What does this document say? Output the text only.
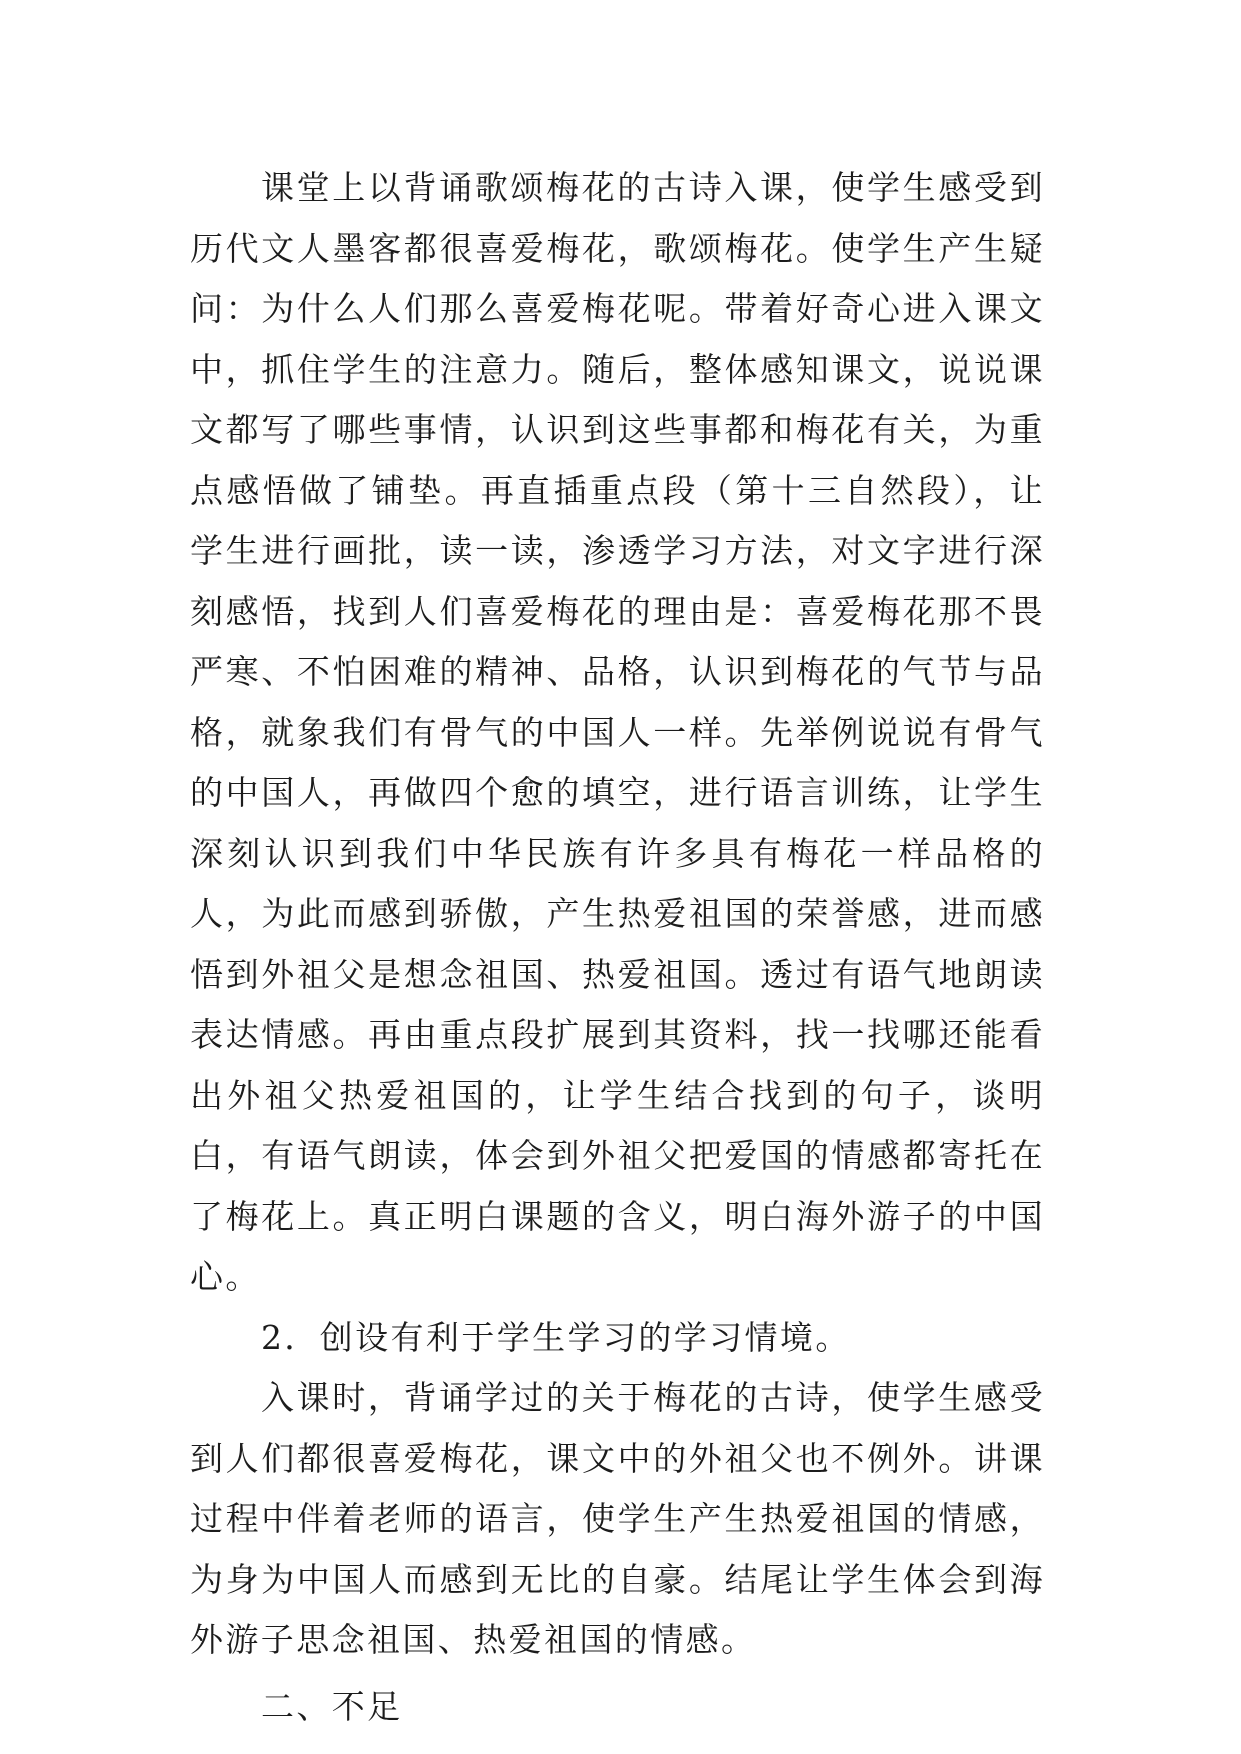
课堂上以背诵歌颂梅花的古诗入课，使学生感受到历代文人墨客都很喜爱梅花，歌颂梅花。使学生产生疑问：为什么人们那么喜爱梅花呢。带着好奇心进入课文中，抓住学生的注意力。随后，整体感知课文，说说课文都写了哪些事情，认识到这些事都和梅花有关，为重点感悟做了铺垫。再直插重点段（第十三自然段），让学生进行画批，读一读，渗透学习方法，对文字进行深刻感悟，找到人们喜爱梅花的理由是：喜爱梅花那不畏严寒、不怕困难的精神、品格，认识到梅花的气节与品格，就象我们有骨气的中国人一样。先举例说说有骨气的中国人，再做四个愈的填空，进行语言训练，让学生深刻认识到我们中华民族有许多具有梅花一样品格的人，为此而感到骄傲，产生热爱祖国的荣誉感，进而感悟到外祖父是想念祖国、热爱祖国。透过有语气地朗读表达情感。再由重点段扩展到其资料，找一找哪还能看出外祖父热爱祖国的，让学生结合找到的句子，谈明白，有语气朗读，体会到外祖父把爱国的情感都寄托在了梅花上。真正明白课题的含义，明白海外游子的中国心。

2．创设有利于学生学习的学习情境。

入课时，背诵学过的关于梅花的古诗，使学生感受到人们都很喜爱梅花，课文中的外祖父也不例外。讲课过程中伴着老师的语言，使学生产生热爱祖国的情感，为身为中国人而感到无比的自豪。结尾让学生体会到海外游子思念祖国、热爱祖国的情感。

二、不足
